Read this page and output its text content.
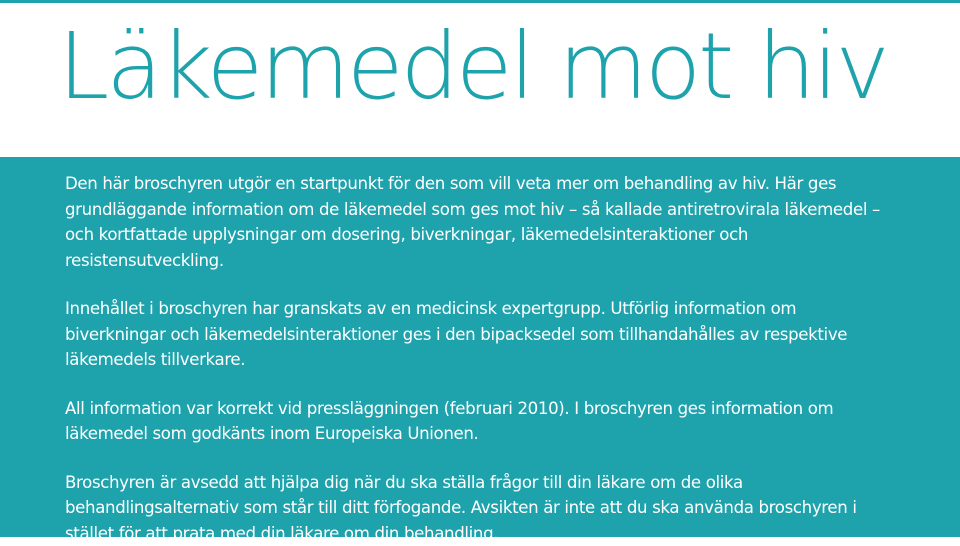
Läkemedel mot hiv

Den här broschyren utgör en startpunkt för den som vill veta mer om behandling av hiv. Här ges grundläggande information om de läkemedel som ges mot hiv – så kallade antiretrovirala läkemedel – och kortfattade upplysningar om dosering, biverkningar, läkemedelsinteraktioner och resistensutveckling.

Innehållet i broschyren har granskats av en medicinsk expertgrupp. Utförlig information om biverkningar och läkemedelsinteraktioner ges i den bipacksedel som tillhandahålles av respektive läkemedels tillverkare.

All information var korrekt vid pressläggningen (februari 2010). I broschyren ges information om läkemedel som godkänts inom Europeiska Unionen.

Broschyren är avsedd att hjälpa dig när du ska ställa frågor till din läkare om de olika behandlingsalternativ som står till ditt förfogande. Avsikten är inte att du ska använda broschyren i stället för att prata med din läkare om din behandling.
